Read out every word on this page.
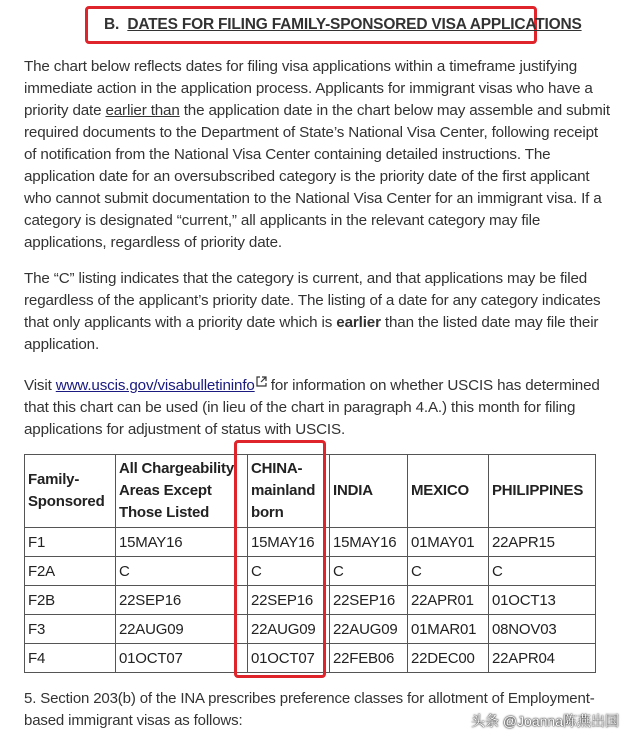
B. DATES FOR FILING FAMILY-SPONSORED VISA APPLICATIONS

The chart below reflects dates for filing visa applications within a timeframe justifying immediate action in the application process. Applicants for immigrant visas who have a priority date earlier than the application date in the chart below may assemble and submit required documents to the Department of State’s National Visa Center, following receipt of notification from the National Visa Center containing detailed instructions. The application date for an oversubscribed category is the priority date of the first applicant who cannot submit documentation to the National Visa Center for an immigrant visa. If a category is designated “current,” all applicants in the relevant category may file applications, regardless of priority date.

The “C” listing indicates that the category is current, and that applications may be filed regardless of the applicant’s priority date. The listing of a date for any category indicates that only applicants with a priority date which is earlier than the listed date may file their application.

Visit www.uscis.gov/visabulletininfo for information on whether USCIS has determined that this chart can be used (in lieu of the chart in paragraph 4.A.) this month for filing applications for adjustment of status with USCIS.

Family-Sponsored	All Chargeability Areas Except Those Listed	CHINA-mainland born	INDIA	MEXICO	PHILIPPINES
F1	15MAY16	15MAY16	15MAY16	01MAY01	22APR15
F2A	C	C	C	C	C
F2B	22SEP16	22SEP16	22SEP16	22APR01	01OCT13
F3	22AUG09	22AUG09	22AUG09	01MAR01	08NOV03
F4	01OCT07	01OCT07	22FEB06	22DEC00	22APR04

5. Section 203(b) of the INA prescribes preference classes for allotment of Employment-based immigrant visas as follows:	头条 @Joanna陈燕出国
